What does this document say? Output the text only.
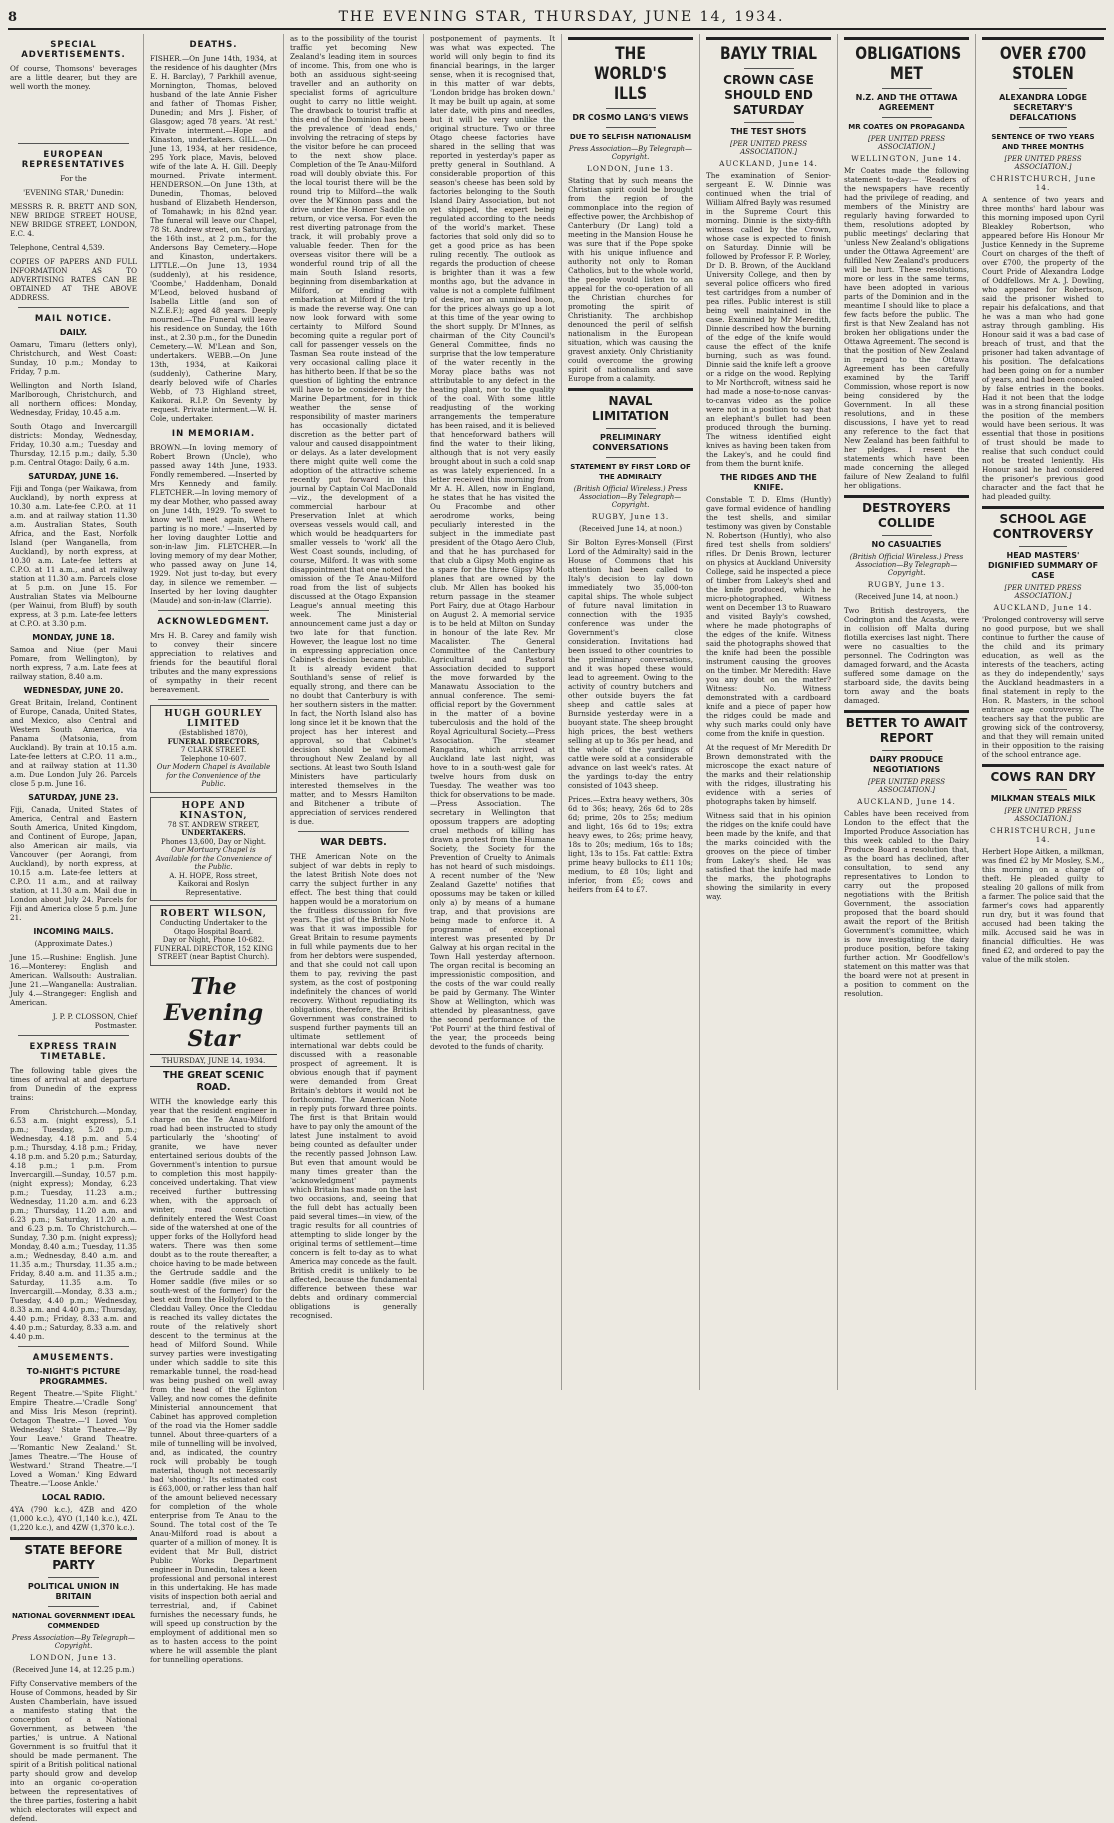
8	THE EVENING STAR, THURSDAY, JUNE 14, 1934.
SPECIAL ADVERTISEMENTS.

Of course, Thomsons' beverages are a little dearer, but they are well worth the money.

EUROPEAN REPRESENTATIVES

For the

'EVENING STAR,' Dunedin:

MESSRS R. R. BRETT AND SON, NEW BRIDGE STREET HOUSE, NEW BRIDGE STREET, LONDON, E.C. 4.

Telephone, Central 4,539.

COPIES OF PAPERS AND FULL INFORMATION AS TO ADVERTISING RATES CAN BE OBTAINED AT THE ABOVE ADDRESS.

MAIL NOTICE.
DAILY.

Oamaru, Timaru (letters only), Christchurch, and West Coast: Sunday, 10 p.m.; Monday to Friday, 7 p.m.

Wellington and North Island, Marlborough, Christchurch, and all northern offices: Monday, Wednesday, Friday, 10.45 a.m.

South Otago and Invercargill districts: Monday, Wednesday, Friday, 10.30 a.m.; Tuesday and Thursday, 12.15 p.m.; daily, 5.30 p.m. Central Otago: Daily, 6 a.m.

SATURDAY, JUNE 16.

Fiji and Tonga (per Waikawa, from Auckland), by north express at 10.30 a.m. Late-fee C.P.O. at 11 a.m. and at railway station 11.30 a.m. Australian States, South Africa, and the East, Norfolk Island (per Wanganella, from Auckland), by north express, at 10.30 a.m. Late-fee letters at C.P.O. at 11 a.m., and at railway station at 11.30 a.m. Parcels close at 5 p.m. on June 15. For Australian States via Melbourne (per Wainui, from Bluff) by south express, at 3 p.m. Late-fee letters at C.P.O. at 3.30 p.m.

MONDAY, JUNE 18.

Samoa and Niue (per Maui Pomare, from Wellington), by north express, 7 a.m. Late fees at railway station, 8.40 a.m.

WEDNESDAY, JUNE 20.

Great Britain, Ireland, Continent of Europe, Canada, United States, and Mexico, also Central and Western South America, via Panama (Matsonia, from Auckland). By train at 10.15 a.m. Late-fee letters at C.P.O. 11 a.m., and at railway station at 11.30 a.m. Due London July 26. Parcels close 5 p.m. June 16.

SATURDAY, JUNE 23.

Fiji, Canada, United States of America, Central and Eastern South America, United Kingdom, and Continent of Europe, Japan, also American air mails, via Vancouver (per Aorangi, from Auckland), by north express, at 10.15 a.m. Late-fee letters at C.P.O. 11 a.m., and at railway station, at 11.30 a.m. Mail due in London about July 24. Parcels for Fiji and America close 5 p.m. June 21.

INCOMING MAILS.

(Approximate Dates.)

June 15.—Rushine: English. June 16.—Monterey: English and American. Wallsouth: Australian. June 21.—Wanganella: Australian. July 4.—Strangeger: English and American.

J. P. P. CLOSSON, Chief Postmaster.

EXPRESS TRAIN TIMETABLE.

The following table gives the times of arrival at and departure from Dunedin of the express trains:

From Christchurch.—Monday, 6.53 a.m. (night express), 5.1 p.m.; Tuesday, 5.20 p.m.; Wednesday, 4.18 p.m. and 5.4 p.m.; Thursday, 4.18 p.m.; Friday, 4.18 p.m. and 5.20 p.m.; Saturday, 4.18 p.m.; 1 p.m. From Invercargill.—Sunday, 10.57 p.m. (night express); Monday, 6.23 p.m.; Tuesday, 11.23 a.m.; Wednesday, 11.20 a.m. and 6.23 p.m.; Thursday, 11.20 a.m. and 6.23 p.m.; Saturday, 11.20 a.m. and 6.23 p.m. To Christchurch.—Sunday, 7.30 p.m. (night express); Monday, 8.40 a.m.; Tuesday, 11.35 a.m.; Wednesday, 8.40 a.m. and 11.35 a.m.; Thursday, 11.35 a.m.; Friday, 8.40 a.m. and 11.35 a.m.; Saturday, 11.35 a.m. To Invercargill.—Monday, 8.33 a.m.; Tuesday, 4.40 p.m.; Wednesday, 8.33 a.m. and 4.40 p.m.; Thursday, 4.40 p.m.; Friday, 8.33 a.m. and 4.40 p.m.; Saturday, 8.33 a.m. and 4.40 p.m.

AMUSEMENTS.
TO-NIGHT'S PICTURE PROGRAMMES.

Regent Theatre.—'Spite Flight.' Empire Theatre.—'Cradle Song' and Miss Iris Meson (reprint). Octagon Theatre.—'I Loved You Wednesday.' State Theatre.—'By Your Leave.' Grand Theatre.—'Romantic New Zealand.' St. James Theatre.—'The House of Westward.' Strand Theatre.—'I Loved a Woman.' King Edward Theatre.—'Loose Ankle.'

LOCAL RADIO.

4YA (790 k.c.), 4ZB and 4ZO (1,000 k.c.), 4YO (1,140 k.c.), 4ZL (1,220 k.c.), and 4ZW (1,370 k.c.).

STATE BEFORE PARTY
POLITICAL UNION IN BRITAIN
NATIONAL GOVERNMENT IDEAL COMMENDED

Press Association—By Telegraph—Copyright.

LONDON, June 13.

(Received June 14, at 12.25 p.m.)

Fifty Conservative members of the House of Commons, headed by Sir Austen Chamberlain, have issued a manifesto stating that the conception of a National Government, as between 'the parties,' is untrue. A National Government is so fruitful that it should be made permanent. The spirit of a British political national party should grow and develop into an organic co-operation between the representatives of the three parties, fostering a habit which electorates will expect and defend.

DEATHS.

FISHER.—On June 14th, 1934, at the residence of his daughter (Mrs E. H. Barclay), 7 Parkhill avenue, Mornington, Thomas, beloved husband of the late Annie Fisher and father of Thomas Fisher, Dunedin; and Mrs J. Fisher, of Glasgow; aged 78 years. 'At rest.' Private interment.—Hope and Kinaston, undertakers. GILL.—On June 13, 1934, at her residence, 295 York place, Mavis, beloved wife of the late A. H. Gill. Deeply mourned. Private interment. HENDERSON.—On June 13th, at Dunedin, Thomas, beloved husband of Elizabeth Henderson, of Tomahawk; in his 82nd year. The funeral will leave our Chapel, 78 St. Andrew street, on Saturday, the 16th inst., at 2 p.m., for the Andersons Bay Cemetery.—Hope and Kinaston, undertakers. LITTLE.—On June 13, 1934 (suddenly), at his residence, 'Coombe,' Haddenham, Donald M'Leod, beloved husband of Isabella Little (and son of N.Z.E.F.); aged 48 years. Deeply mourned.—The Funeral will leave his residence on Sunday, the 16th inst., at 2.30 p.m., for the Dunedin Cemetery.—W. M'Lean and Son, undertakers. WEBB.—On June 13th, 1934, at Kaikorai (suddenly), Catherine Mary, dearly beloved wife of Charles Webb, of 73 Highland street, Kaikorai. R.I.P. On Seventy by request. Private interment.—W. H. Cole, undertaker.

IN MEMORIAM.

BROWN.—In loving memory of Robert Brown (Uncle), who passed away 14th June, 1933. Fondly remembered. —Inserted by Mrs Kennedy and family. FLETCHER.—In loving memory of my dear Mother, who passed away on June 14th, 1929. 'To sweet to know we'll meet again, Where parting is no more.' —Inserted by her loving daughter Lottie and son-in-law Jim. FLETCHER.—In loving memory of my dear Mother, who passed away on June 14, 1929. Not just to-day, but every day, in silence we remember. —Inserted by her loving daughter (Maude) and son-in-law (Clarrie).

ACKNOWLEDGMENT.

Mrs H. B. Carey and family wish to convey their sincere appreciation to relatives and friends for the beautiful floral tributes and the many expressions of sympathy in their recent bereavement.

HUGH GOURLEY LIMITED
(Established 1870),
FUNERAL DIRECTORS,
7 CLARK STREET.
Telephone 10-607.
Our Modern Chapel is Available for the Convenience of the Public.
HOPE AND KINASTON,
78 ST. ANDREW STREET,
UNDERTAKERS.
Phones 13,600, Day or Night.
Our Mortuary Chapel is Available for the Convenience of the Public.
A. H. HOPE, Ross street, Kaikorai and Roslyn Representative.
ROBERT WILSON,
Conducting Undertaker to the Otago Hospital Board.
Day or Night, Phone 10-682.
FUNERAL DIRECTOR, 152 KING STREET (near Baptist Church).
The Evening Star
THURSDAY, JUNE 14, 1934.
THE GREAT SCENIC ROAD.

WITH the knowledge early this year that the resident engineer in charge on the Te Anau-Milford road had been instructed to study particularly the 'shooting' of granite, we have never entertained serious doubts of the Government's intention to pursue to completion this most happily-conceived undertaking. That view received further buttressing when, with the approach of winter, road construction definitely entered the West Coast side of the watershed at one of the upper forks of the Hollyford head waters. There was then some doubt as to the route thereafter, a choice having to be made between the Gertrude saddle and the Homer saddle (five miles or so south-west of the former) for the best exit from the Hollyford to the Cleddau Valley. Once the Cleddau is reached its valley dictates the route of the relatively short descent to the terminus at the head of Milford Sound. While survey parties were investigating under which saddle to site this remarkable tunnel, the road-head was being pushed on well away from the head of the Eglinton Valley, and now comes the definite Ministerial announcement that Cabinet has approved completion of the road via the Homer saddle tunnel. About three-quarters of a mile of tunnelling will be involved, and, as indicated, the country rock will probably be tough material, though not necessarily bad 'shooting.' Its estimated cost is £63,000, or rather less than half of the amount believed necessary for completion of the whole enterprise from Te Anau to the Sound. The total cost of the Te Anau-Milford road is about a quarter of a million of money. It is evident that Mr Bull, district Public Works Department engineer in Dunedin, takes a keen professional and personal interest in this undertaking. He has made visits of inspection both aerial and terrestrial, and, if Cabinet furnishes the necessary funds, he will speed up construction by the employment of additional men so as to hasten access to the point where he will assemble the plant for tunnelling operations.

as to the possibility of the tourist traffic yet becoming New Zealand's leading item in sources of income. This, from one who is both an assiduous sight-seeing traveller and an authority on specialist forms of agriculture ought to carry no little weight. The drawback to tourist traffic at this end of the Dominion has been the prevalence of 'dead ends,' involving the retracing of steps by the visitor before he can proceed to the next show place. Completion of the Te Anau-Milford road will doubly obviate this. For the local tourist there will be the round trip to Milford—the walk over the M'Kinnon pass and the drive under the Homer Saddle on return, or vice versa. For even the rest diverting patronage from the track, it will probably prove a valuable feeder. Then for the overseas visitor there will be a wonderful round trip of all the main South Island resorts, beginning from disembarkation at Milford, or ending with embarkation at Milford if the trip is made the reverse way. One can now look forward with some certainty to Milford Sound becoming quite a regular port of call for passenger vessels on the Tasman Sea route instead of the very occasional calling place it has hitherto been. If that be so the question of lighting the entrance will have to be considered by the Marine Department, for in thick weather the sense of responsibility of master mariners has occasionally dictated discretion as the better part of valour and caused disappointment or delays. As a later development there might quite well come the adoption of the attractive scheme recently put forward in this journal by Captain Col MacDonald—viz., the development of a commercial harbour at Preservation Inlet at which overseas vessels would call, and which would be headquarters for smaller vessels to 'work' all the West Coast sounds, including, of course, Milford. It was with some disappointment that one noted the omission of the Te Anau-Milford road from the list of subjects discussed at the Otago Expansion League's annual meeting this week. The Ministerial announcement came just a day or two late for that function. However, the league lost no time in expressing appreciation once Cabinet's decision became public. It is already evident that Southland's sense of relief is equally strong, and there can be no doubt that Canterbury is with her southern sisters in the matter. In fact, the North Island also has long since let it be known that the project has her interest and approval, so that Cabinet's decision should be welcomed throughout New Zealand by all sections. At least two South Island Ministers have particularly interested themselves in the matter, and to Messrs Hamilton and Bitchener a tribute of appreciation of services rendered is due.

WAR DEBTS.

THE American Note on the subject of war debts in reply to the latest British Note does not carry the subject further in any effect. The best thing that could happen would be a moratorium on the fruitless discussion for five years. The gist of the British Note was that it was impossible for Great Britain to resume payments in full while payments due to her from her debtors were suspended, and that she could not call upon them to pay, reviving the past system, as the cost of postponing indefinitely the chances of world recovery. Without repudiating its obligations, therefore, the British Government was constrained to suspend further payments till an ultimate settlement of international war debts could be discussed with a reasonable prospect of agreement. It is obvious enough that if payment were demanded from Great Britain's debtors it would not be forthcoming. The American Note in reply puts forward three points. The first is that Britain would have to pay only the amount of the latest June instalment to avoid being counted as defaulter under the recently passed Johnson Law. But even that amount would be many times greater than the 'acknowledgment' payments which Britain has made on the last two occasions, and, seeing that the full debt has actually been paid several times—in view, of the tragic results for all countries of attempting to slide longer by the original terms of settlement—time concern is felt to-day as to what America may concede as the fault. British credit is unlikely to be affected, because the fundamental difference between these war debts and ordinary commercial obligations is generally recognised.

postponement of payments. It was what was expected. The world will only begin to find its financial bearings, in the larger sense, when it is recognised that, in this matter of war debts, 'London bridge has broken down.' It may be built up again, at some later date, with pins and needles, but it will be very unlike the original structure. Two or three Otago cheese factories have shared in the selling that was reported in yesterday's paper as pretty general in Southland. A considerable proportion of this season's cheese has been sold by factories belonging to the South Island Dairy Association, but not yet shipped, the expert being regulated according to the needs of the world's market. These factories that sold only did so to get a good price as has been ruling recently. The outlook as regards the production of cheese is brighter than it was a few months ago, but the advance in value is not a complete fulfilment of desire, nor an unmixed boon, for the prices always go up a lot at this time of the year owing to the short supply. Dr M'Innes, as chairman of the City Council's General Committee, finds no surprise that the low temperature of the water recently in the Moray place baths was not attributable to any defect in the heating plant, nor to the quality of the coal. With some little readjusting of the working arrangements the temperature has been raised, and it is believed that henceforward bathers will find the water to their liking, although that is not very easily brought about in such a cold snap as was lately experienced. In a letter received this morning from Mr A. H. Allen, now in England, he states that he has visited the Ou Fracombe and other aerodrome works, being peculiarly interested in the subject in the immediate past president of the Otago Aero Club, and that he has purchased for that club a Gipsy Moth engine as a spare for the three Gipsy Moth planes that are owned by the club. Mr Allen has booked his return passage in the steamer Port Fairy, due at Otago Harbour on August 2. A memorial service is to be held at Milton on Sunday in honour of the late Rev. Mr Macalister. The General Committee of the Canterbury Agricultural and Pastoral Association decided to support the move forwarded by the Manawatu Association to the annual conference. The semi-official report by the Government in the matter of a bovine tuberculosis and the hold of the Royal Agricultural Society.—Press Association. The steamer Rangatira, which arrived at Auckland late last night, was hove to in a south-west gale for twelve hours from dusk on Tuesday. The weather was too thick for observations to be made.—Press Association. The secretary in Wellington that opossum trappers are adopting cruel methods of killing has drawn a protest from the Humane Society, the Society for the Prevention of Cruelty to Animals has not heard of such misdoings. A recent number of the 'New Zealand Gazette' notifies that opossums may be taken or killed only a) by means of a humane trap, and that provisions are being made to enforce it. A programme of exceptional interest was presented by Dr Galway at his organ recital in the Town Hall yesterday afternoon. The organ recital is becoming an impressionistic composition, and the costs of the war could really be paid by Germany. The Winter Show at Wellington, which was attended by pleasantness, gave the second performance of the 'Pot Pourri' at the third festival of the year, the proceeds being devoted to the funds of charity.

THE WORLD'S ILLS
DR COSMO LANG'S VIEWS
DUE TO SELFISH NATIONALISM

Press Association—By Telegraph—Copyright.

LONDON, June 13.

Stating that by such means the Christian spirit could be brought from the region of the commonplace into the region of effective power, the Archbishop of Canterbury (Dr Lang) told a meeting in the Mansion House he was sure that if the Pope spoke with his unique influence and authority not only to Roman Catholics, but to the whole world, the people would listen to an appeal for the co-operation of all the Christian churches for promoting the spirit of Christianity. The archbishop denounced the peril of selfish nationalism in the European situation, which was causing the gravest anxiety. Only Christianity could overcome the growing spirit of nationalism and save Europe from a calamity.

NAVAL LIMITATION
PRELIMINARY CONVERSATIONS
STATEMENT BY FIRST LORD OF THE ADMIRALTY

(British Official Wireless.) Press Association—By Telegraph—Copyright.

RUGBY, June 13.

(Received June 14, at noon.)

Sir Bolton Eyres-Monsell (First Lord of the Admiralty) said in the House of Commons that his attention had been called to Italy's decision to lay down immediately two 35,000-ton capital ships. The whole subject of future naval limitation in connection with the 1935 conference was under the Government's close consideration. Invitations had been issued to other countries to the preliminary conversations, and it was hoped these would lead to agreement. Owing to the activity of country butchers and other outside buyers the fat sheep and cattle sales at Burnside yesterday were in a buoyant state. The sheep brought high prices, the best wethers selling at up to 36s per head, and the whole of the yardings of cattle were sold at a considerable advance on last week's rates. At the yardings to-day the entry consisted of 1043 sheep.

Prices.—Extra heavy wethers, 30s 6d to 36s; heavy, 26s 6d to 28s 6d; prime, 20s to 25s; medium and light, 16s 6d to 19s; extra heavy ewes, to 26s; prime heavy, 18s to 20s; medium, 16s to 18s; light, 13s to 15s. Fat cattle: Extra prime heavy bullocks to £11 10s; medium, to £8 10s; light and inferior, from £5; cows and heifers from £4 to £7.

BAYLY TRIAL
CROWN CASE SHOULD END SATURDAY
THE TEST SHOTS

[PER UNITED PRESS ASSOCIATION.]

AUCKLAND, June 14.

The examination of Senior-sergeant E. W. Dinnie was continued when the trial of William Alfred Bayly was resumed in the Supreme Court this morning. Dinnie is the sixty-fifth witness called by the Crown, whose case is expected to finish on Saturday. Dinnie will be followed by Professor F. P. Worley, Dr D. B. Brown, of the Auckland University College, and then by several police officers who fired test cartridges from a number of pea rifles. Public interest is still being well maintained in the case. Examined by Mr Meredith, Dinnie described how the burning of the edge of the knife would cause the effect of the knife burning, such as was found. Dinnie said the knife left a groove or a ridge on the wood. Replying to Mr Northcroft, witness said he had made a nose-to-nose canvas-to-canvas video as the police were not in a position to say that an elephant's bullet had been produced through the burning. The witness identified eight knives as having been taken from the Lakey's, and he could find from them the burnt knife.

THE RIDGES AND THE KNIFE.

Constable T. D. Elms (Huntly) gave formal evidence of handling the test shells, and similar testimony was given by Constable N. Robertson (Huntly), who also fired test shells from soldiers' rifles. Dr Denis Brown, lecturer on physics at Auckland University College, said he inspected a piece of timber from Lakey's shed and the knife produced, which he micro-photographed. Witness went on December 13 to Ruawaro and visited Bayly's cowshed, where he made photographs of the edges of the knife. Witness said the photographs showed that the knife had been the possible instrument causing the grooves on the timber. Mr Meredith: Have you any doubt on the matter? Witness: No. Witness demonstrated with a cardboard knife and a piece of paper how the ridges could be made and why such marks could only have come from the knife in question.

At the request of Mr Meredith Dr Brown demonstrated with the microscope the exact nature of the marks and their relationship with the ridges, illustrating his evidence with a series of photographs taken by himself.

Witness said that in his opinion the ridges on the knife could have been made by the knife, and that the marks coincided with the grooves on the piece of timber from Lakey's shed. He was satisfied that the knife had made the marks, the photographs showing the similarity in every way.

OBLIGATIONS MET
N.Z. AND THE OTTAWA AGREEMENT
MR COATES ON PROPAGANDA

[PER UNITED PRESS ASSOCIATION.]

WELLINGTON, June 14.

Mr Coates made the following statement to-day:— 'Readers of the newspapers have recently had the privilege of reading, and members of the Ministry are regularly having forwarded to them, resolutions adopted by public meetings' declaring that 'unless New Zealand's obligations under the Ottawa Agreement' are fulfilled New Zealand's producers will be hurt. These resolutions, more or less in the same terms, have been adopted in various parts of the Dominion and in the meantime I should like to place a few facts before the public. The first is that New Zealand has not broken her obligations under the Ottawa Agreement. The second is that the position of New Zealand in regard to the Ottawa Agreement has been carefully examined by the Tariff Commission, whose report is now being considered by the Government. In all these resolutions, and in these discussions, I have yet to read any reference to the fact that New Zealand has been faithful to her pledges. I resent the statements which have been made concerning the alleged failure of New Zealand to fulfil her obligations.

DESTROYERS COLLIDE
NO CASUALTIES

(British Official Wireless.) Press Association—By Telegraph—Copyright.

RUGBY, June 13.

(Received June 14, at noon.)

Two British destroyers, the Codrington and the Acasta, were in collision off Malta during flotilla exercises last night. There were no casualties to the personnel. The Codrington was damaged forward, and the Acasta suffered some damage on the starboard side, the davits being torn away and the boats damaged.

BETTER TO AWAIT REPORT
DAIRY PRODUCE NEGOTIATIONS

[PER UNITED PRESS ASSOCIATION.]

AUCKLAND, June 14.

Cables have been received from London to the effect that the Imported Produce Association has this week cabled to the Dairy Produce Board a resolution that, as the board has declined, after consultation, to send any representatives to London to carry out the proposed negotiations with the British Government, the association proposed that the board should await the report of the British Government's committee, which is now investigating the dairy produce position, before taking further action. Mr Goodfellow's statement on this matter was that the board were not at present in a position to comment on the resolution.

OVER £700 STOLEN
ALEXANDRA LODGE SECRETARY'S DEFALCATIONS
SENTENCE OF TWO YEARS AND THREE MONTHS

[PER UNITED PRESS ASSOCIATION.]

CHRISTCHURCH, June 14.

A sentence of two years and three months' hard labour was this morning imposed upon Cyril Bleakley Robertson, who appeared before His Honour Mr Justice Kennedy in the Supreme Court on charges of the theft of over £700, the property of the Court Pride of Alexandra Lodge of Oddfellows. Mr A. J. Dowling, who appeared for Robertson, said the prisoner wished to repair his defalcations, and that he was a man who had gone astray through gambling. His Honour said it was a bad case of breach of trust, and that the prisoner had taken advantage of his position. The defalcations had been going on for a number of years, and had been concealed by false entries in the books. Had it not been that the lodge was in a strong financial position the position of the members would have been serious. It was essential that those in positions of trust should be made to realise that such conduct could not be treated leniently. His Honour said he had considered the prisoner's previous good character and the fact that he had pleaded guilty.

SCHOOL AGE CONTROVERSY
HEAD MASTERS' DIGNIFIED SUMMARY OF CASE

[PER UNITED PRESS ASSOCIATION.]

AUCKLAND, June 14.

'Prolonged controversy will serve no good purpose, but we shall continue to further the cause of the child and its primary education, as well as the interests of the teachers, acting as they do independently,' says the Auckland headmasters in a final statement in reply to the Hon. R. Masters, in the school entrance age controversy. The teachers say that the public are growing sick of the controversy, and that they will remain united in their opposition to the raising of the school entrance age.

COWS RAN DRY
MILKMAN STEALS MILK

[PER UNITED PRESS ASSOCIATION.]

CHRISTCHURCH, June 14.

Herbert Hope Aitken, a milkman, was fined £2 by Mr Mosley, S.M., this morning on a charge of theft. He pleaded guilty to stealing 20 gallons of milk from a farmer. The police said that the farmer's cows had apparently run dry, but it was found that accused had been taking the milk. Accused said he was in financial difficulties. He was fined £2, and ordered to pay the value of the milk stolen.
